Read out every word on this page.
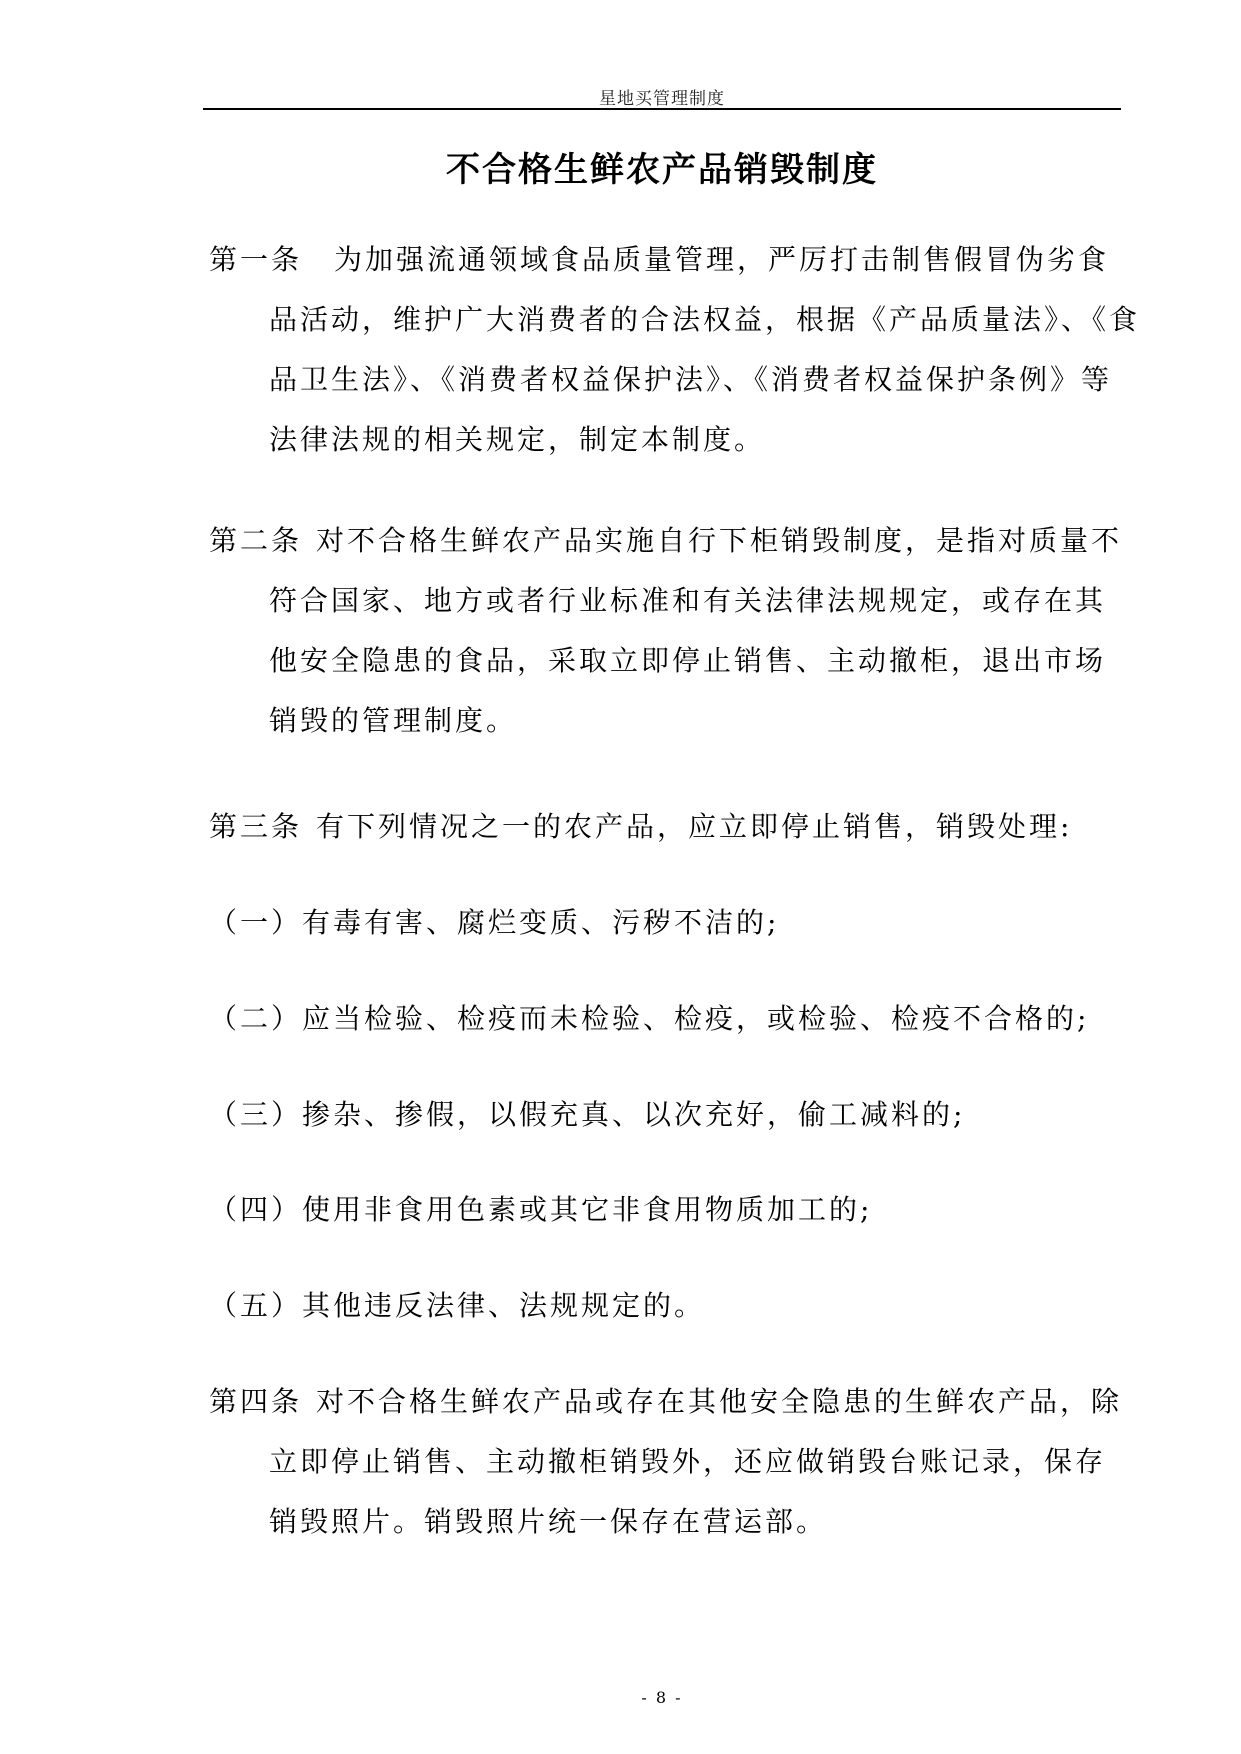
星地买管理制度
不合格生鲜农产品销毁制度
第一条 为加强流通领域食品质量管理，严厉打击制售假冒伪劣食
品活动，维护广大消费者的合法权益，根据《产品质量法》、《食
品卫生法》、《消费者权益保护法》、《消费者权益保护条例》等
法律法规的相关规定，制定本制度。
第二条 对不合格生鲜农产品实施自行下柜销毁制度，是指对质量不
符合国家、地方或者行业标准和有关法律法规规定，或存在其
他安全隐患的食品，采取立即停止销售、主动撤柜，退出市场
销毁的管理制度。
第三条 有下列情况之一的农产品，应立即停止销售，销毁处理:
（一）有毒有害、腐烂变质、污秽不洁的;
（二）应当检验、检疫而未检验、检疫，或检验、检疫不合格的;
（三）掺杂、掺假，以假充真、以次充好，偷工减料的;
（四）使用非食用色素或其它非食用物质加工的;
（五）其他违反法律、法规规定的。
第四条 对不合格生鲜农产品或存在其他安全隐患的生鲜农产品，除
立即停止销售、主动撤柜销毁外，还应做销毁台账记录，保存
销毁照片。销毁照片统一保存在营运部。
- 8 -
